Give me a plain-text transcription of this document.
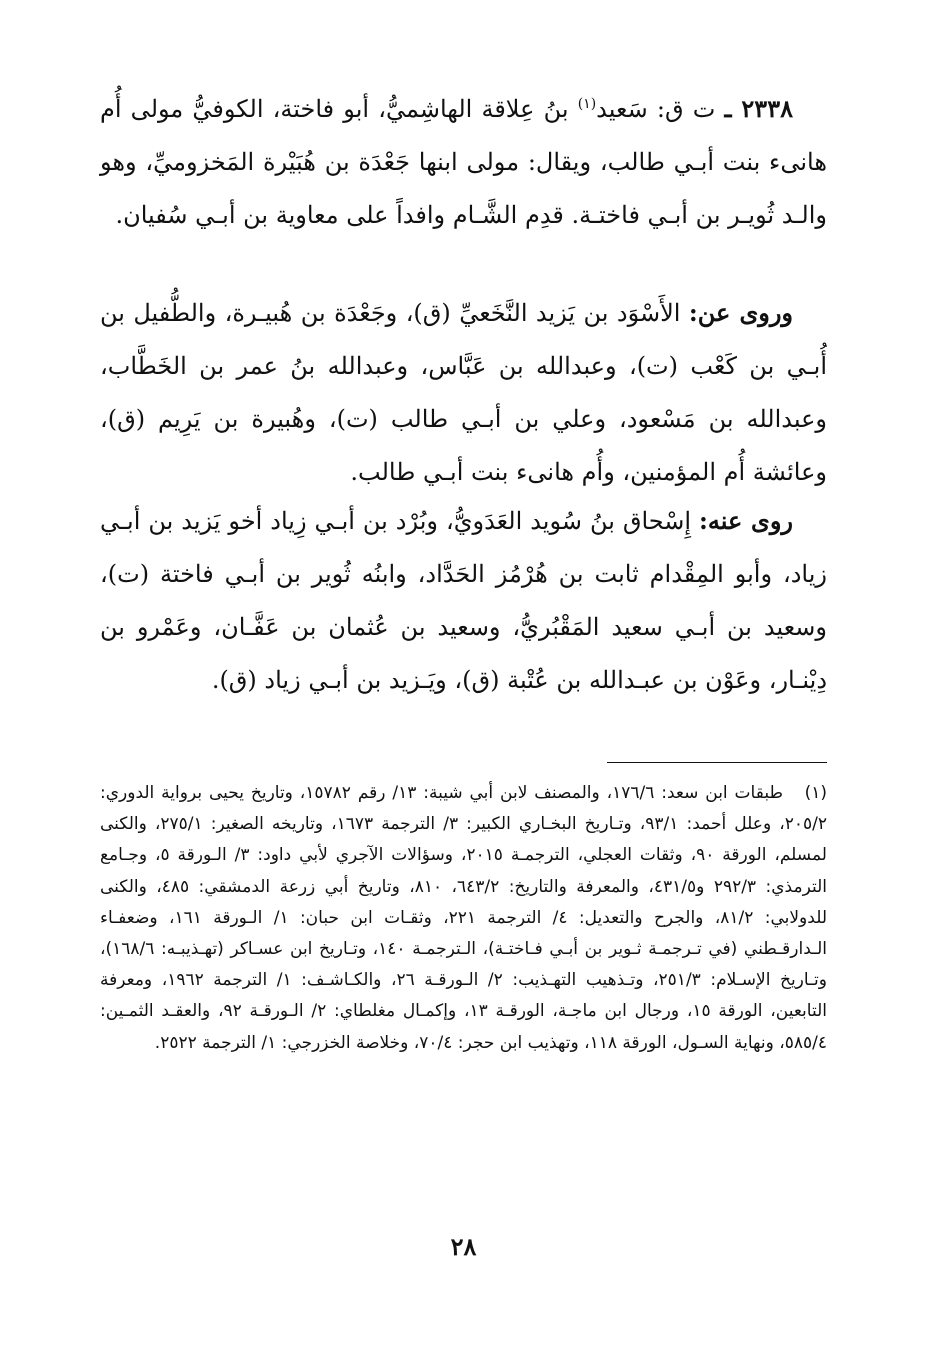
٢٣٣٨ ـ ت ق: سَعيد$^{(١)}$ بنُ عِلاقة الهاشِميُّ، أبو فاختة، الكوفيُّ مولى أُم هانىء بنت أبـي طالب، ويقال: مولى ابنها جَعْدَة بن هُبَيْرة المَخزوميِّ، وهو والـد ثُويـر بن أبـي فاختـة. قدِم الشَّـام وافداً على معاوية بن أبـي سُفيان.

وروى عن: الأَسْوَد بن يَزيد النَّخَعيِّ (ق)، وجَعْدَة بن هُبيـرة، والطُّفيل بن أُبـي بن كَعْب (ت)، وعبدالله بن عَبَّاس، وعبدالله بنُ عمر بن الخَطَّاب، وعبدالله بن مَسْعود، وعلي بن أبـي طالب (ت)، وهُبيرة بن يَرِيم (ق)، وعائشة أُم المؤمنين، وأُم هانىء بنت أبـي طالب.

روى عنه: إِسْحاق بنُ سُويد العَدَويُّ، وبُرْد بن أبـي زِياد أخو يَزيد بن أبـي زياد، وأبو المِقْدام ثابت بن هُرْمُز الحَدَّاد، وابنُه ثُوير بن أبـي فاختة (ت)، وسعيد بن أبـي سعيد المَقْبُريُّ، وسعيد بن عُثمان بن عَفَّـان، وعَمْرو بن دِيْنـار، وعَوْن بن عبـدالله بن عُتْبة (ق)، ويَـزيد بن أبـي زياد (ق).

(١)طبقات ابن سعد: ١٧٦/٦، والمصنف لابن أبي شيبة: ١٣/ رقم ١٥٧٨٢، وتاريخ يحيى برواية الدوري: ٢٠٥/٢، وعلل أحمد: ٩٣/١، وتـاريخ البخـاري الكبير: ٣/ الترجمة ١٦٧٣، وتاريخه الصغير: ٢٧٥/١، والكنى لمسلم، الورقة ٩٠، وثقات العجلي، الترجمـة ٢٠١٥، وسؤالات الآجري لأبي داود: ٣/ الـورقة ٥، وجـامع الترمذي: ٢٩٢/٣ و٤٣١/٥، والمعرفة والتاريخ: ٦٤٣/٢، ٨١٠، وتاريخ أبي زرعة الدمشقي: ٤٨٥، والكنى للدولابي: ٨١/٢، والجرح والتعديل: ٤/ الترجمة ٢٢١، وثقـات ابن حبان: ١/ الـورقة ١٦١، وضعفـاء الـدارقـطني (في تـرجمـة ثـوير بن أبـي فـاختـة)، الـترجمـة ١٤٠، وتـاريخ ابن عسـاكر (تهـذيبـه: ١٦٨/٦)، وتـاريخ الإسـلام: ٢٥١/٣، وتـذهيب التهـذيب: ٢/ الـورقـة ٢٦، والكـاشـف: ١/ الترجمة ١٩٦٢، ومعرفة التابعين، الورقة ١٥، ورجال ابن ماجـة، الورقـة ١٣، وإكمـال مغلطاي: ٢/ الـورقـة ٩٢، والعقـد الثمـين: ٥٨٥/٤، ونهاية السـول، الورقة ١١٨، وتهذيب ابن حجر: ٧٠/٤، وخلاصة الخزرجي: ١/ الترجمة ٢٥٢٢.
٢٨
